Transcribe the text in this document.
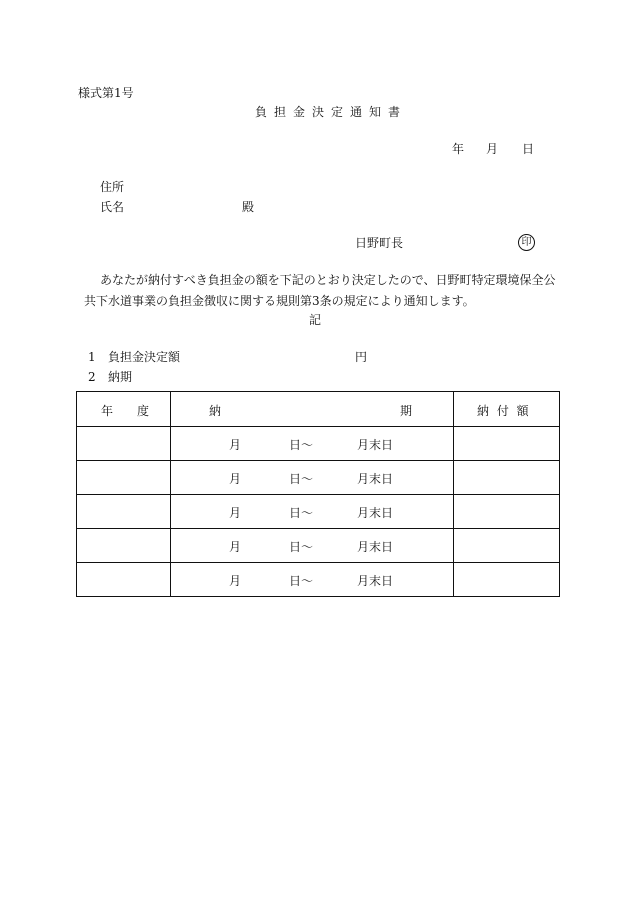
様式第1号
負担金決定通知書
年 月 日
住所
氏名	殿
日野町長	印
あなたが納付すべき負担金の額を下記のとおり決定したので、日野町特定環境保全公
共下水道事業の負担金徴収に関する規則第3条の規定により通知します。
記
1 負担金決定額	円
2 納期
年 度	納 期	納 付 額

	月 日～ 月末日	

	月 日～ 月末日	

	月 日～ 月末日	

	月 日～ 月末日	

	月 日～ 月末日	
